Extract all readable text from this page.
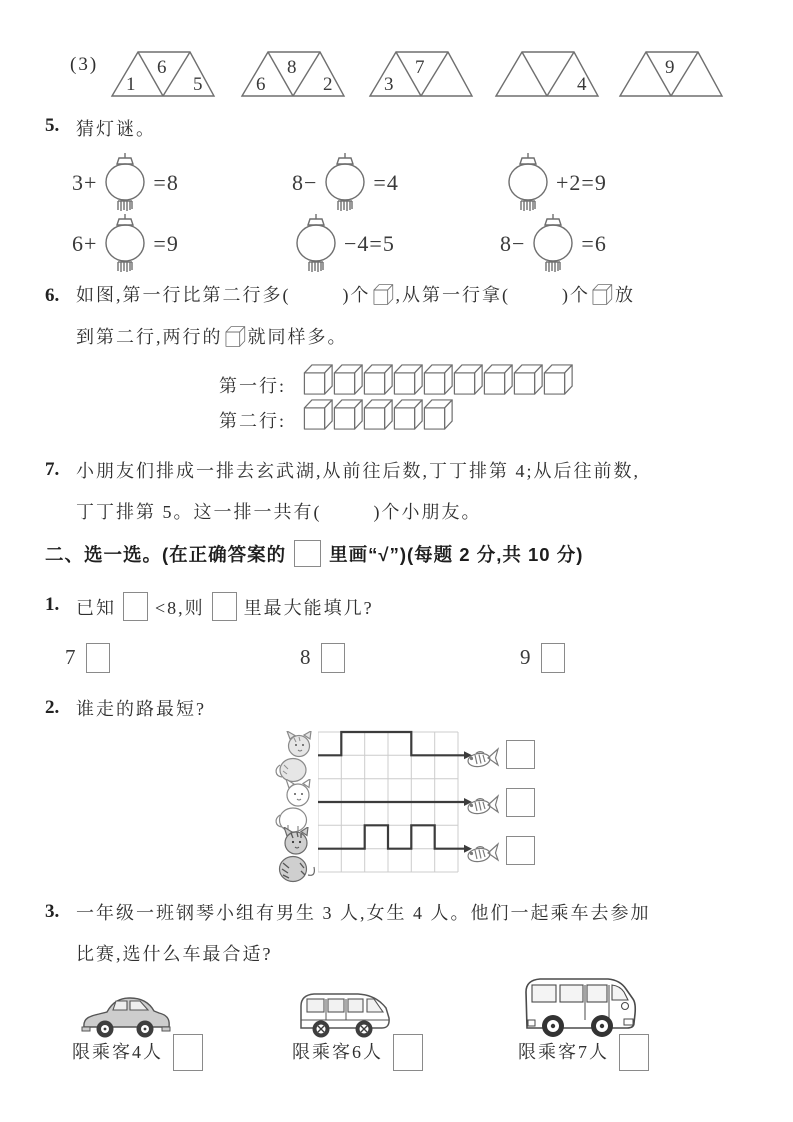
(3)
1
6
5	6
8
2	3
7
4
9
5. 猜灯谜。
3+	=8	8−	=4	+2=9
6+	=9	−4=5	8−	=6
6. 如图,第一行比第二行多(        )个 ,从第一行拿(        )个 放
到第二行,两行的 就同样多。
第一行:
第二行:
7. 小朋友们排成一排去玄武湖,从前往后数,丁丁排第 4;从后往前数,
丁丁排第 5。这一排一共有(        )个小朋友。
二、选一选。(在正确答案的 里画“√”)(每题 2 分,共 10 分)
1. 已知 <8,则 里最大能填几?
7	8	9
2. 谁走的路最短?
3. 一年级一班钢琴小组有男生 3 人,女生 4 人。他们一起乘车去参加
比赛,选什么车最合适?
限乘客4人	限乘客6人	限乘客7人
